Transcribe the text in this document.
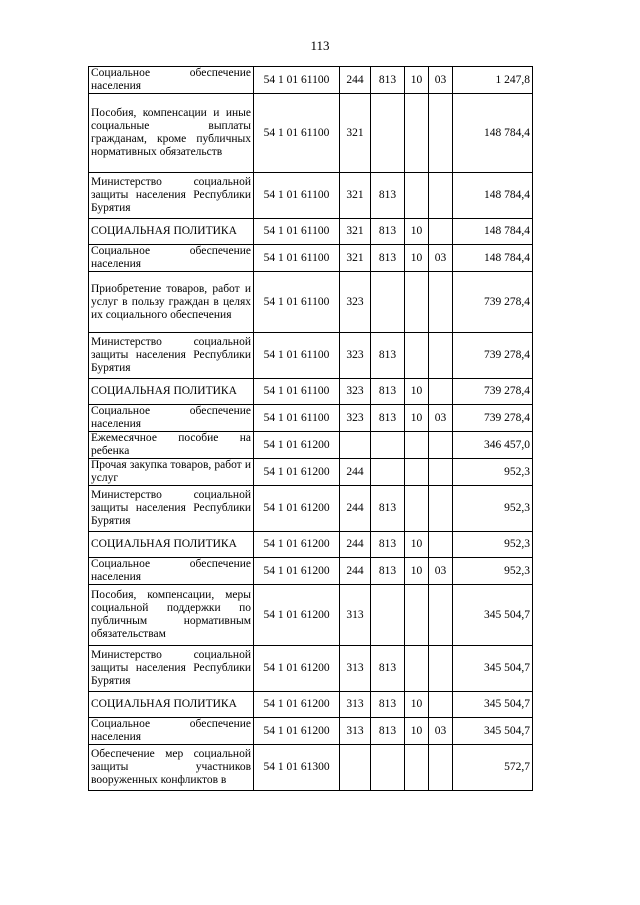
113
Социальное обеспечение населения	54 1 01 61100	244	813	10	03	1 247,8
Пособия, компенсации и иные социальные выплаты гражданам, кроме публичных нормативных обязательств	54 1 01 61100	321				148 784,4
Министерство социальной защиты населения Республики Бурятия	54 1 01 61100	321	813			148 784,4
СОЦИАЛЬНАЯ ПОЛИТИКА	54 1 01 61100	321	813	10		148 784,4
Социальное обеспечение населения	54 1 01 61100	321	813	10	03	148 784,4
Приобретение товаров, работ и услуг в пользу граждан в целях их социального обеспечения	54 1 01 61100	323				739 278,4
Министерство социальной защиты населения Республики Бурятия	54 1 01 61100	323	813			739 278,4
СОЦИАЛЬНАЯ ПОЛИТИКА	54 1 01 61100	323	813	10		739 278,4
Социальное обеспечение населения	54 1 01 61100	323	813	10	03	739 278,4
Ежемесячное пособие на ребенка	54 1 01 61200					346 457,0
Прочая закупка товаров, работ и услуг	54 1 01 61200	244				952,3
Министерство социальной защиты населения Республики Бурятия	54 1 01 61200	244	813			952,3
СОЦИАЛЬНАЯ ПОЛИТИКА	54 1 01 61200	244	813	10		952,3
Социальное обеспечение населения	54 1 01 61200	244	813	10	03	952,3
Пособия, компенсации, меры социальной поддержки по публичным нормативным обязательствам	54 1 01 61200	313				345 504,7
Министерство социальной защиты населения Республики Бурятия	54 1 01 61200	313	813			345 504,7
СОЦИАЛЬНАЯ ПОЛИТИКА	54 1 01 61200	313	813	10		345 504,7
Социальное обеспечение населения	54 1 01 61200	313	813	10	03	345 504,7
Обеспечение мер социальной защиты участников вооруженных конфликтов в	54 1 01 61300					572,7
